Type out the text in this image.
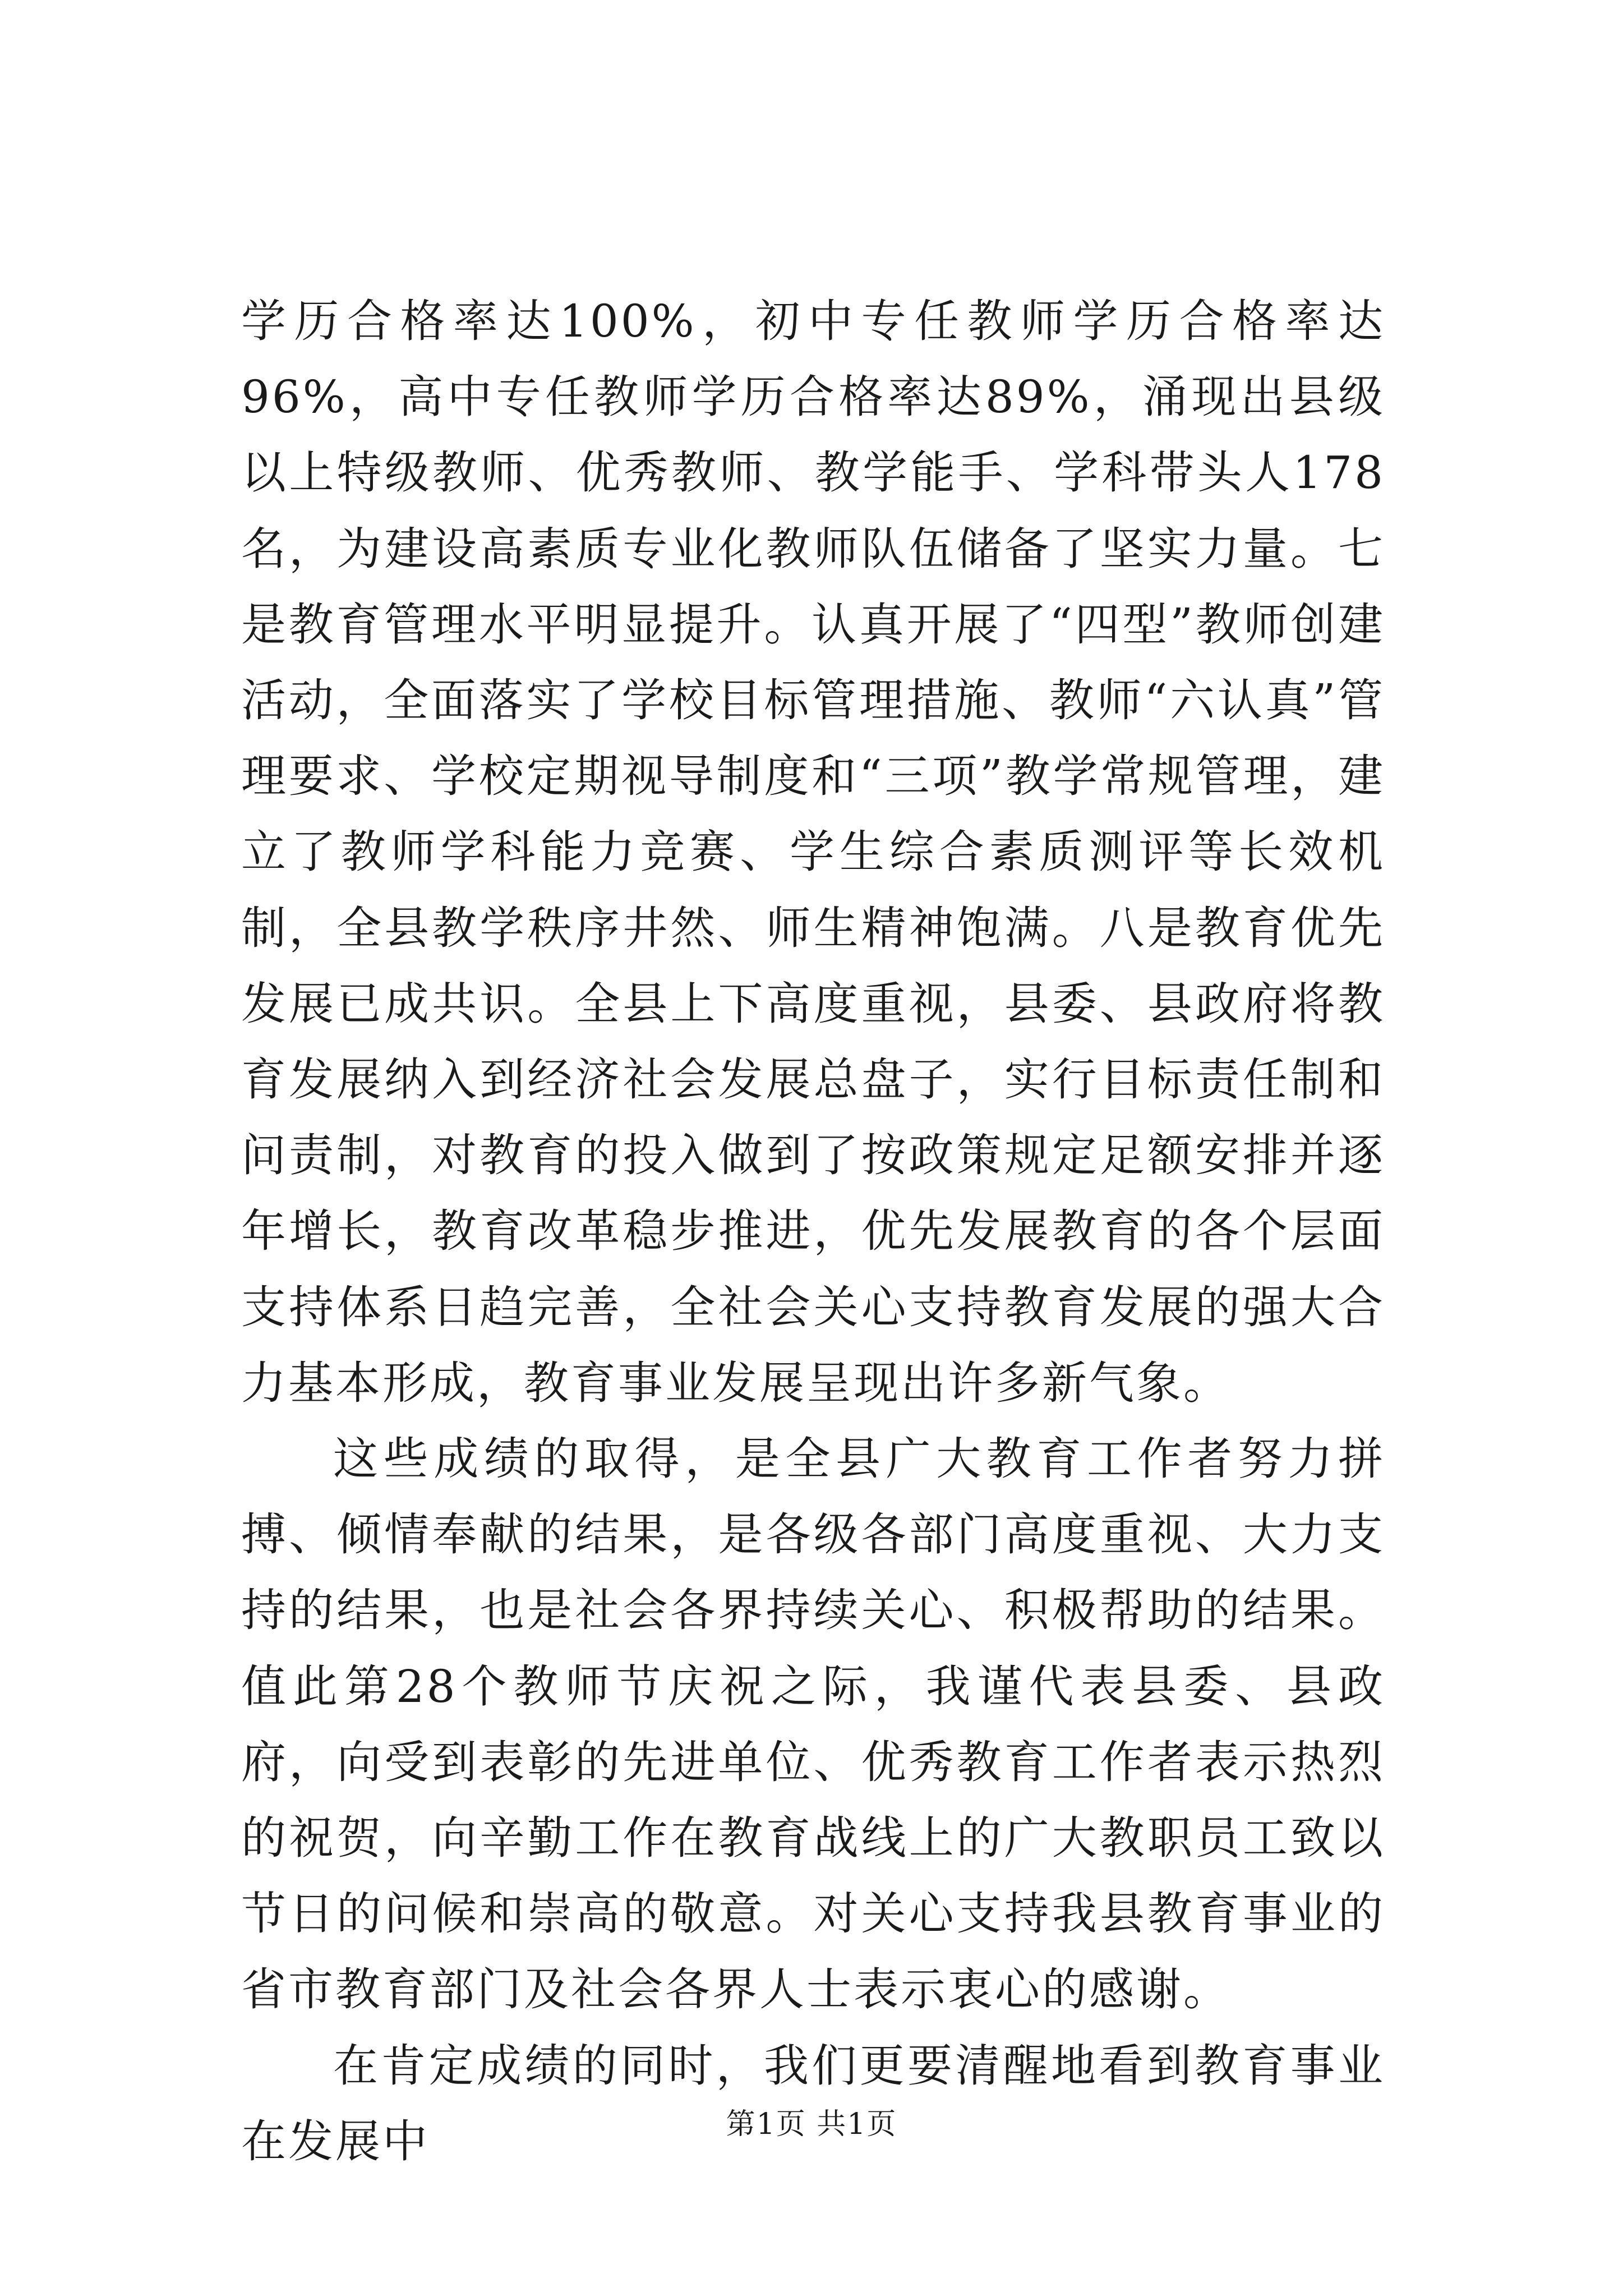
学历合格率达100%，初中专任教师学历合格率达96%，高中专任教师学历合格率达89%，涌现出县级以上特级教师、优秀教师、教学能手、学科带头人178名，为建设高素质专业化教师队伍储备了坚实力量。七是教育管理水平明显提升。认真开展了“四型”教师创建活动，全面落实了学校目标管理措施、教师“六认真”管理要求、学校定期视导制度和“三项”教学常规管理，建立了教师学科能力竞赛、学生综合素质测评等长效机制，全县教学秩序井然、师生精神饱满。八是教育优先发展已成共识。全县上下高度重视，县委、县政府将教育发展纳入到经济社会发展总盘子，实行目标责任制和问责制，对教育的投入做到了按政策规定足额安排并逐年增长，教育改革稳步推进，优先发展教育的各个层面支持体系日趋完善，全社会关心支持教育发展的强大合力基本形成，教育事业发展呈现出许多新气象。

这些成绩的取得，是全县广大教育工作者努力拼搏、倾情奉献的结果，是各级各部门高度重视、大力支持的结果，也是社会各界持续关心、积极帮助的结果。值此第28个教师节庆祝之际，我谨代表县委、县政府，向受到表彰的先进单位、优秀教育工作者表示热烈的祝贺，向辛勤工作在教育战线上的广大教职员工致以节日的问候和崇高的敬意。对关心支持我县教育事业的省市教育部门及社会各界人士表示衷心的感谢。

在肯定成绩的同时，我们更要清醒地看到教育事业在发展中	第1页 共1页
